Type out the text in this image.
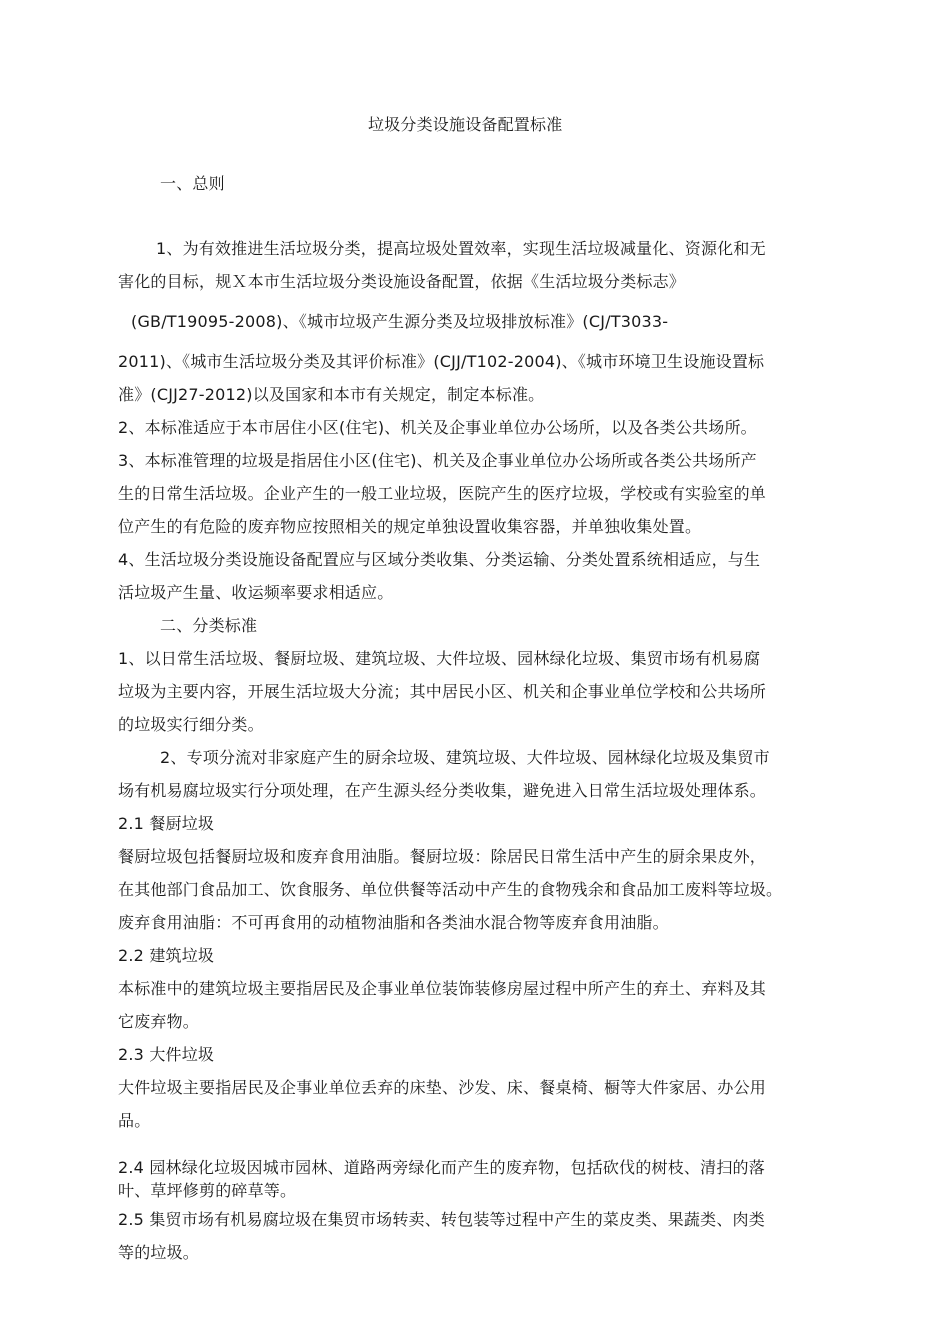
垃圾分类设施设备配置标准
一、总则
1、为有效推进生活垃圾分类，提高垃圾处置效率，实现生活垃圾减量化、资源化和无
害化的目标，规Ｘ本市生活垃圾分类设施设备配置，依据《生活垃圾分类标志》
(GB/T19095-2008)、《城市垃圾产生源分类及垃圾排放标准》(CJ/T3033-
2011)、《城市生活垃圾分类及其评价标准》(CJJ/T102-2004)、《城市环境卫生设施设置标
准》(CJJ27-2012)以及国家和本市有关规定，制定本标准。
2、本标准适应于本市居住小区(住宅)、机关及企事业单位办公场所，以及各类公共场所。
3、本标准管理的垃圾是指居住小区(住宅)、机关及企事业单位办公场所或各类公共场所产
生的日常生活垃圾。企业产生的一般工业垃圾，医院产生的医疗垃圾，学校或有实验室的单
位产生的有危险的废弃物应按照相关的规定单独设置收集容器，并单独收集处置。
4、生活垃圾分类设施设备配置应与区域分类收集、分类运输、分类处置系统相适应，与生
活垃圾产生量、收运频率要求相适应。
二、分类标准
1、以日常生活垃圾、餐厨垃圾、建筑垃圾、大件垃圾、园林绿化垃圾、集贸市场有机易腐
垃圾为主要内容，开展生活垃圾大分流；其中居民小区、机关和企事业单位学校和公共场所
的垃圾实行细分类。
2、专项分流对非家庭产生的厨余垃圾、建筑垃圾、大件垃圾、园林绿化垃圾及集贸市
场有机易腐垃圾实行分项处理，在产生源头经分类收集，避免进入日常生活垃圾处理体系。
2.1 餐厨垃圾
餐厨垃圾包括餐厨垃圾和废弃食用油脂。餐厨垃圾：除居民日常生活中产生的厨余果皮外，
在其他部门食品加工、饮食服务、单位供餐等活动中产生的食物残余和食品加工废料等垃圾。
废弃食用油脂：不可再食用的动植物油脂和各类油水混合物等废弃食用油脂。
2.2 建筑垃圾
本标准中的建筑垃圾主要指居民及企事业单位装饰装修房屋过程中所产生的弃土、弃料及其
它废弃物。
2.3 大件垃圾
大件垃圾主要指居民及企事业单位丢弃的床垫、沙发、床、餐桌椅、橱等大件家居、办公用
品。
2.4 园林绿化垃圾因城市园林、道路两旁绿化而产生的废弃物，包括砍伐的树枝、清扫的落
叶、草坪修剪的碎草等。
2.5 集贸市场有机易腐垃圾在集贸市场转卖、转包装等过程中产生的菜皮类、果蔬类、肉类
等的垃圾。
